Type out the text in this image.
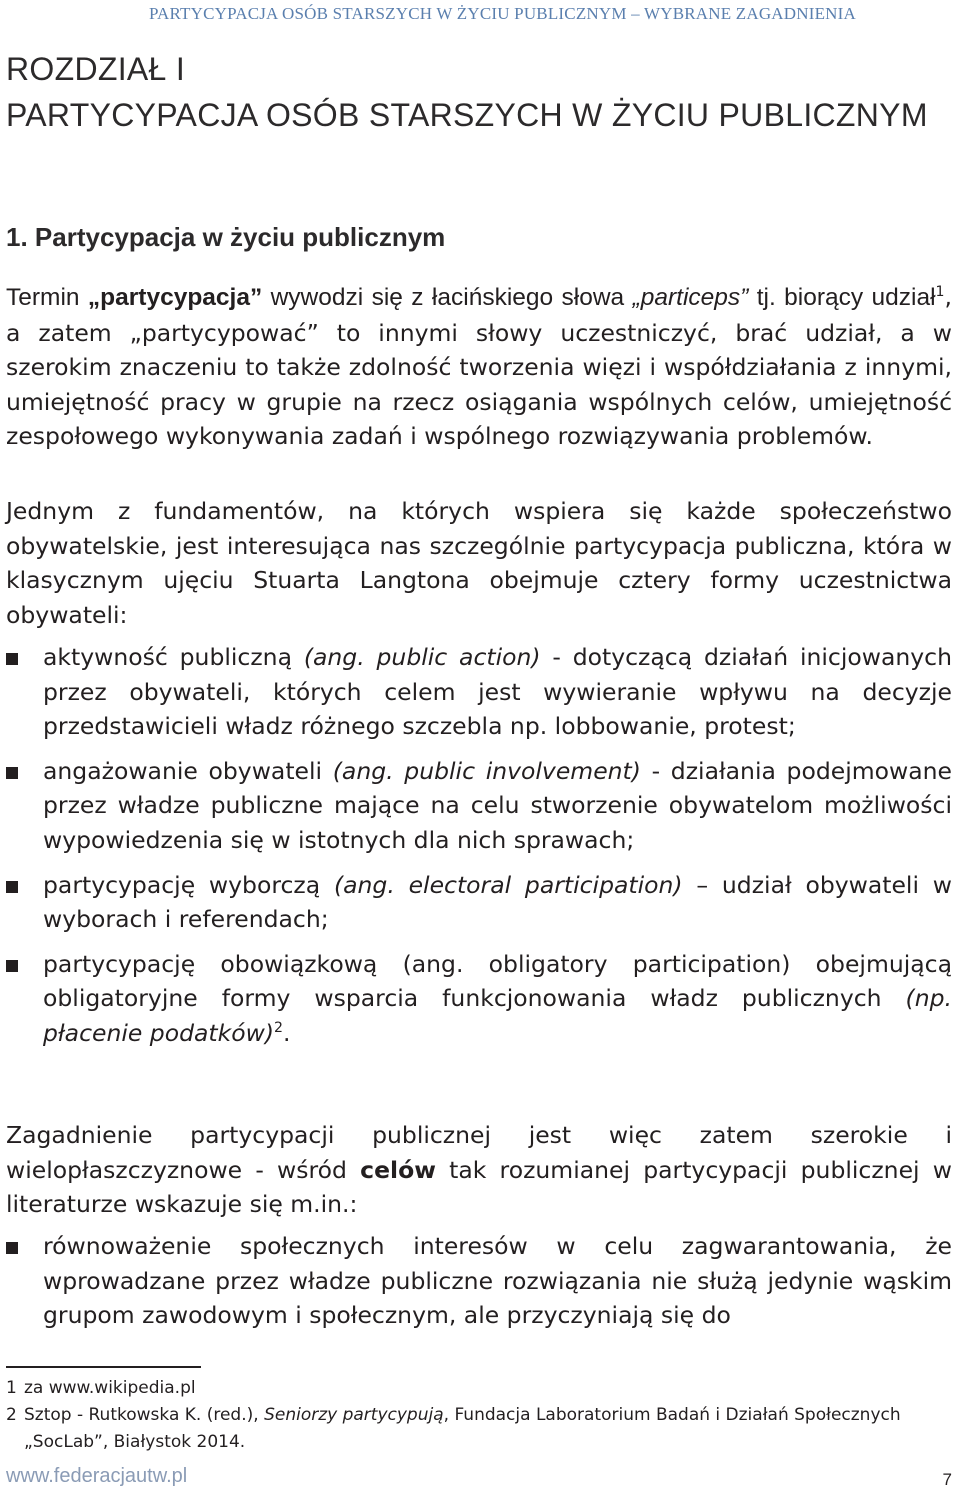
PARTYCYPACJA OSÓB STARSZYCH W ŻYCIU PUBLICZNYM – WYBRANE ZAGADNIENIA
ROZDZIAŁ I
PARTYCYPACJA OSÓB STARSZYCH W ŻYCIU PUBLICZNYM
1. Partycypacja w życiu publicznym
Termin „partycypacja” wywodzi się z łacińskiego słowa „particeps” tj. biorący udział$^1$, a zatem „partycypować” to innymi słowy uczestniczyć, brać udział, a w szerokim znaczeniu to także zdolność tworzenia więzi i współdziałania z innymi, umiejętność pracy w grupie na rzecz osiągania wspólnych celów, umiejętność zespołowego wykonywania zadań i wspólnego rozwiązywania problemów.
Jednym z fundamentów, na których wspiera się każde społeczeństwo obywatelskie, jest interesująca nas szczególnie partycypacja publiczna, która w klasycznym ujęciu Stuarta Langtona obejmuje cztery formy uczestnictwa obywateli:
aktywność publiczną (ang. public action) - dotyczącą działań inicjowanych przez obywateli, których celem jest wywieranie wpływu na decyzje przedstawicieli władz różnego szczebla np. lobbowanie, protest;
angażowanie obywateli (ang. public involvement) - działania podejmowane przez władze publiczne mające na celu stworzenie obywatelom możliwości wypowiedzenia się w istotnych dla nich sprawach;
partycypację wyborczą (ang. electoral participation) – udział obywateli w wyborach i referendach;
partycypację obowiązkową (ang. obligatory participation) obejmującą obligatoryjne formy wsparcia funkcjonowania władz publicznych (np. płacenie podatków)$^2$.
Zagadnienie partycypacji publicznej jest więc zatem szerokie i wielopłaszczyznowe - wśród celów tak rozumianej partycypacji publicznej w literaturze wskazuje się m.in.:
równoważenie społecznych interesów w celu zagwarantowania, że wprowadzane przez władze publiczne rozwiązania nie służą jedynie wąskim grupom zawodowym i społecznym, ale przyczyniają się do
1 za www.wikipedia.pl
2 Sztop - Rutkowska K. (red.), Seniorzy partycypują, Fundacja Laboratorium Badań i Działań Społecznych „SocLab”, Białystok 2014.
www.federacjautw.pl	7
